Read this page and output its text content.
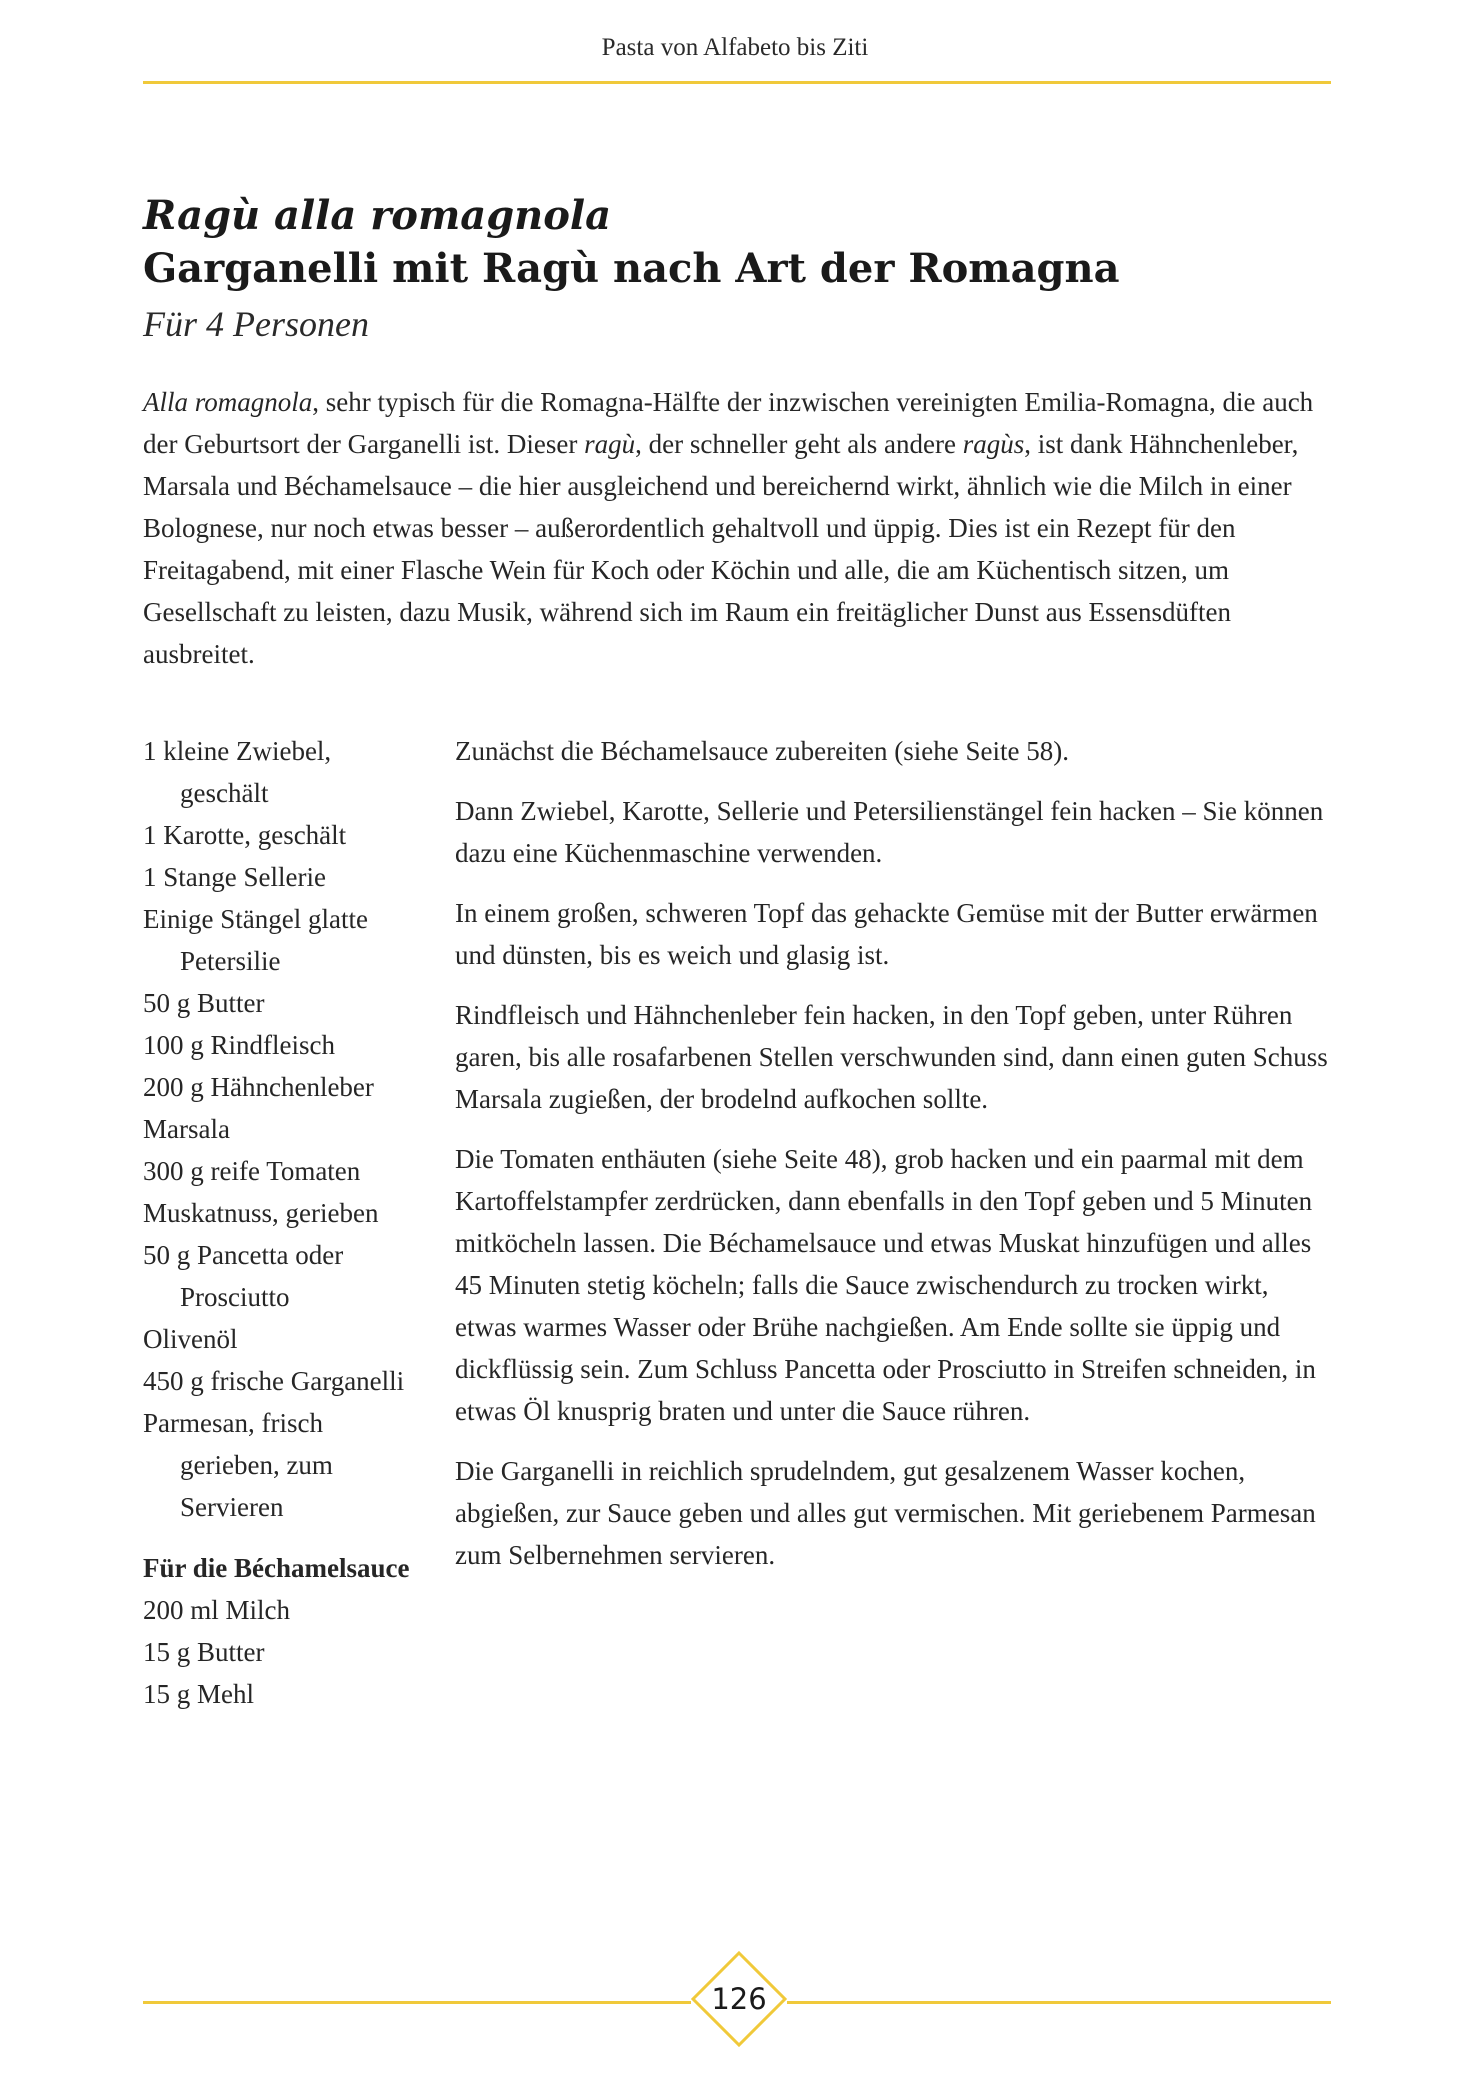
Pasta von Alfabeto bis Ziti
Ragù alla romagnola
Garganelli mit Ragù nach Art der Romagna
Für 4 Personen

Alla romagnola, sehr typisch für die Romagna-Hälfte der inzwischen vereinigten Emilia-Romagna, die auch der Geburtsort der Garganelli ist. Dieser ragù, der schneller geht als andere ragùs, ist dank Hähnchenleber, Marsala und Béchamelsauce – die hier ausgleichend und bereichernd wirkt, ähnlich wie die Milch in einer Bolognese, nur noch etwas besser – außerordentlich gehaltvoll und üppig. Dies ist ein Rezept für den Freitagabend, mit einer Flasche Wein für Koch oder Köchin und alle, die am Küchentisch sitzen, um Gesellschaft zu leisten, dazu Musik, während sich im Raum ein freitäglicher Dunst aus Essensdüften ausbreitet.

1 kleine Zwiebel, geschält
1 Karotte, geschält
1 Stange Sellerie
Einige Stängel glatte Petersilie
50 g Butter
100 g Rindfleisch
200 g Hähnchenleber
Marsala
300 g reife Tomaten
Muskatnuss, gerieben
50 g Pancetta oder Prosciutto
Olivenöl
450 g frische Garganelli
Parmesan, frisch gerieben, zum Servieren
Für die Béchamelsauce
200 ml Milch
15 g Butter
15 g Mehl

Zunächst die Béchamelsauce zubereiten (siehe Seite 58).

Dann Zwiebel, Karotte, Sellerie und Petersilienstängel fein hacken – Sie können dazu eine Küchenmaschine verwenden.

In einem großen, schweren Topf das gehackte Gemüse mit der Butter erwärmen und dünsten, bis es weich und glasig ist.

Rindfleisch und Hähnchenleber fein hacken, in den Topf geben, unter Rühren garen, bis alle rosafarbenen Stellen verschwunden sind, dann einen guten Schuss Marsala zugießen, der brodelnd aufkochen sollte.

Die Tomaten enthäuten (siehe Seite 48), grob hacken und ein paarmal mit dem Kartoffelstampfer zerdrücken, dann ebenfalls in den Topf geben und 5 Minuten mitköcheln lassen. Die Béchamelsauce und etwas Muskat hinzufügen und alles 45 Minuten stetig köcheln; falls die Sauce zwischendurch zu trocken wirkt, etwas warmes Wasser oder Brühe nachgießen. Am Ende sollte sie üppig und dickflüssig sein. Zum Schluss Pancetta oder Prosciutto in Streifen schneiden, in etwas Öl knusprig braten und unter die Sauce rühren.

Die Garganelli in reichlich sprudelndem, gut gesalzenem Wasser kochen, abgießen, zur Sauce geben und alles gut vermischen. Mit geriebenem Parmesan zum Selbernehmen servieren.

126
